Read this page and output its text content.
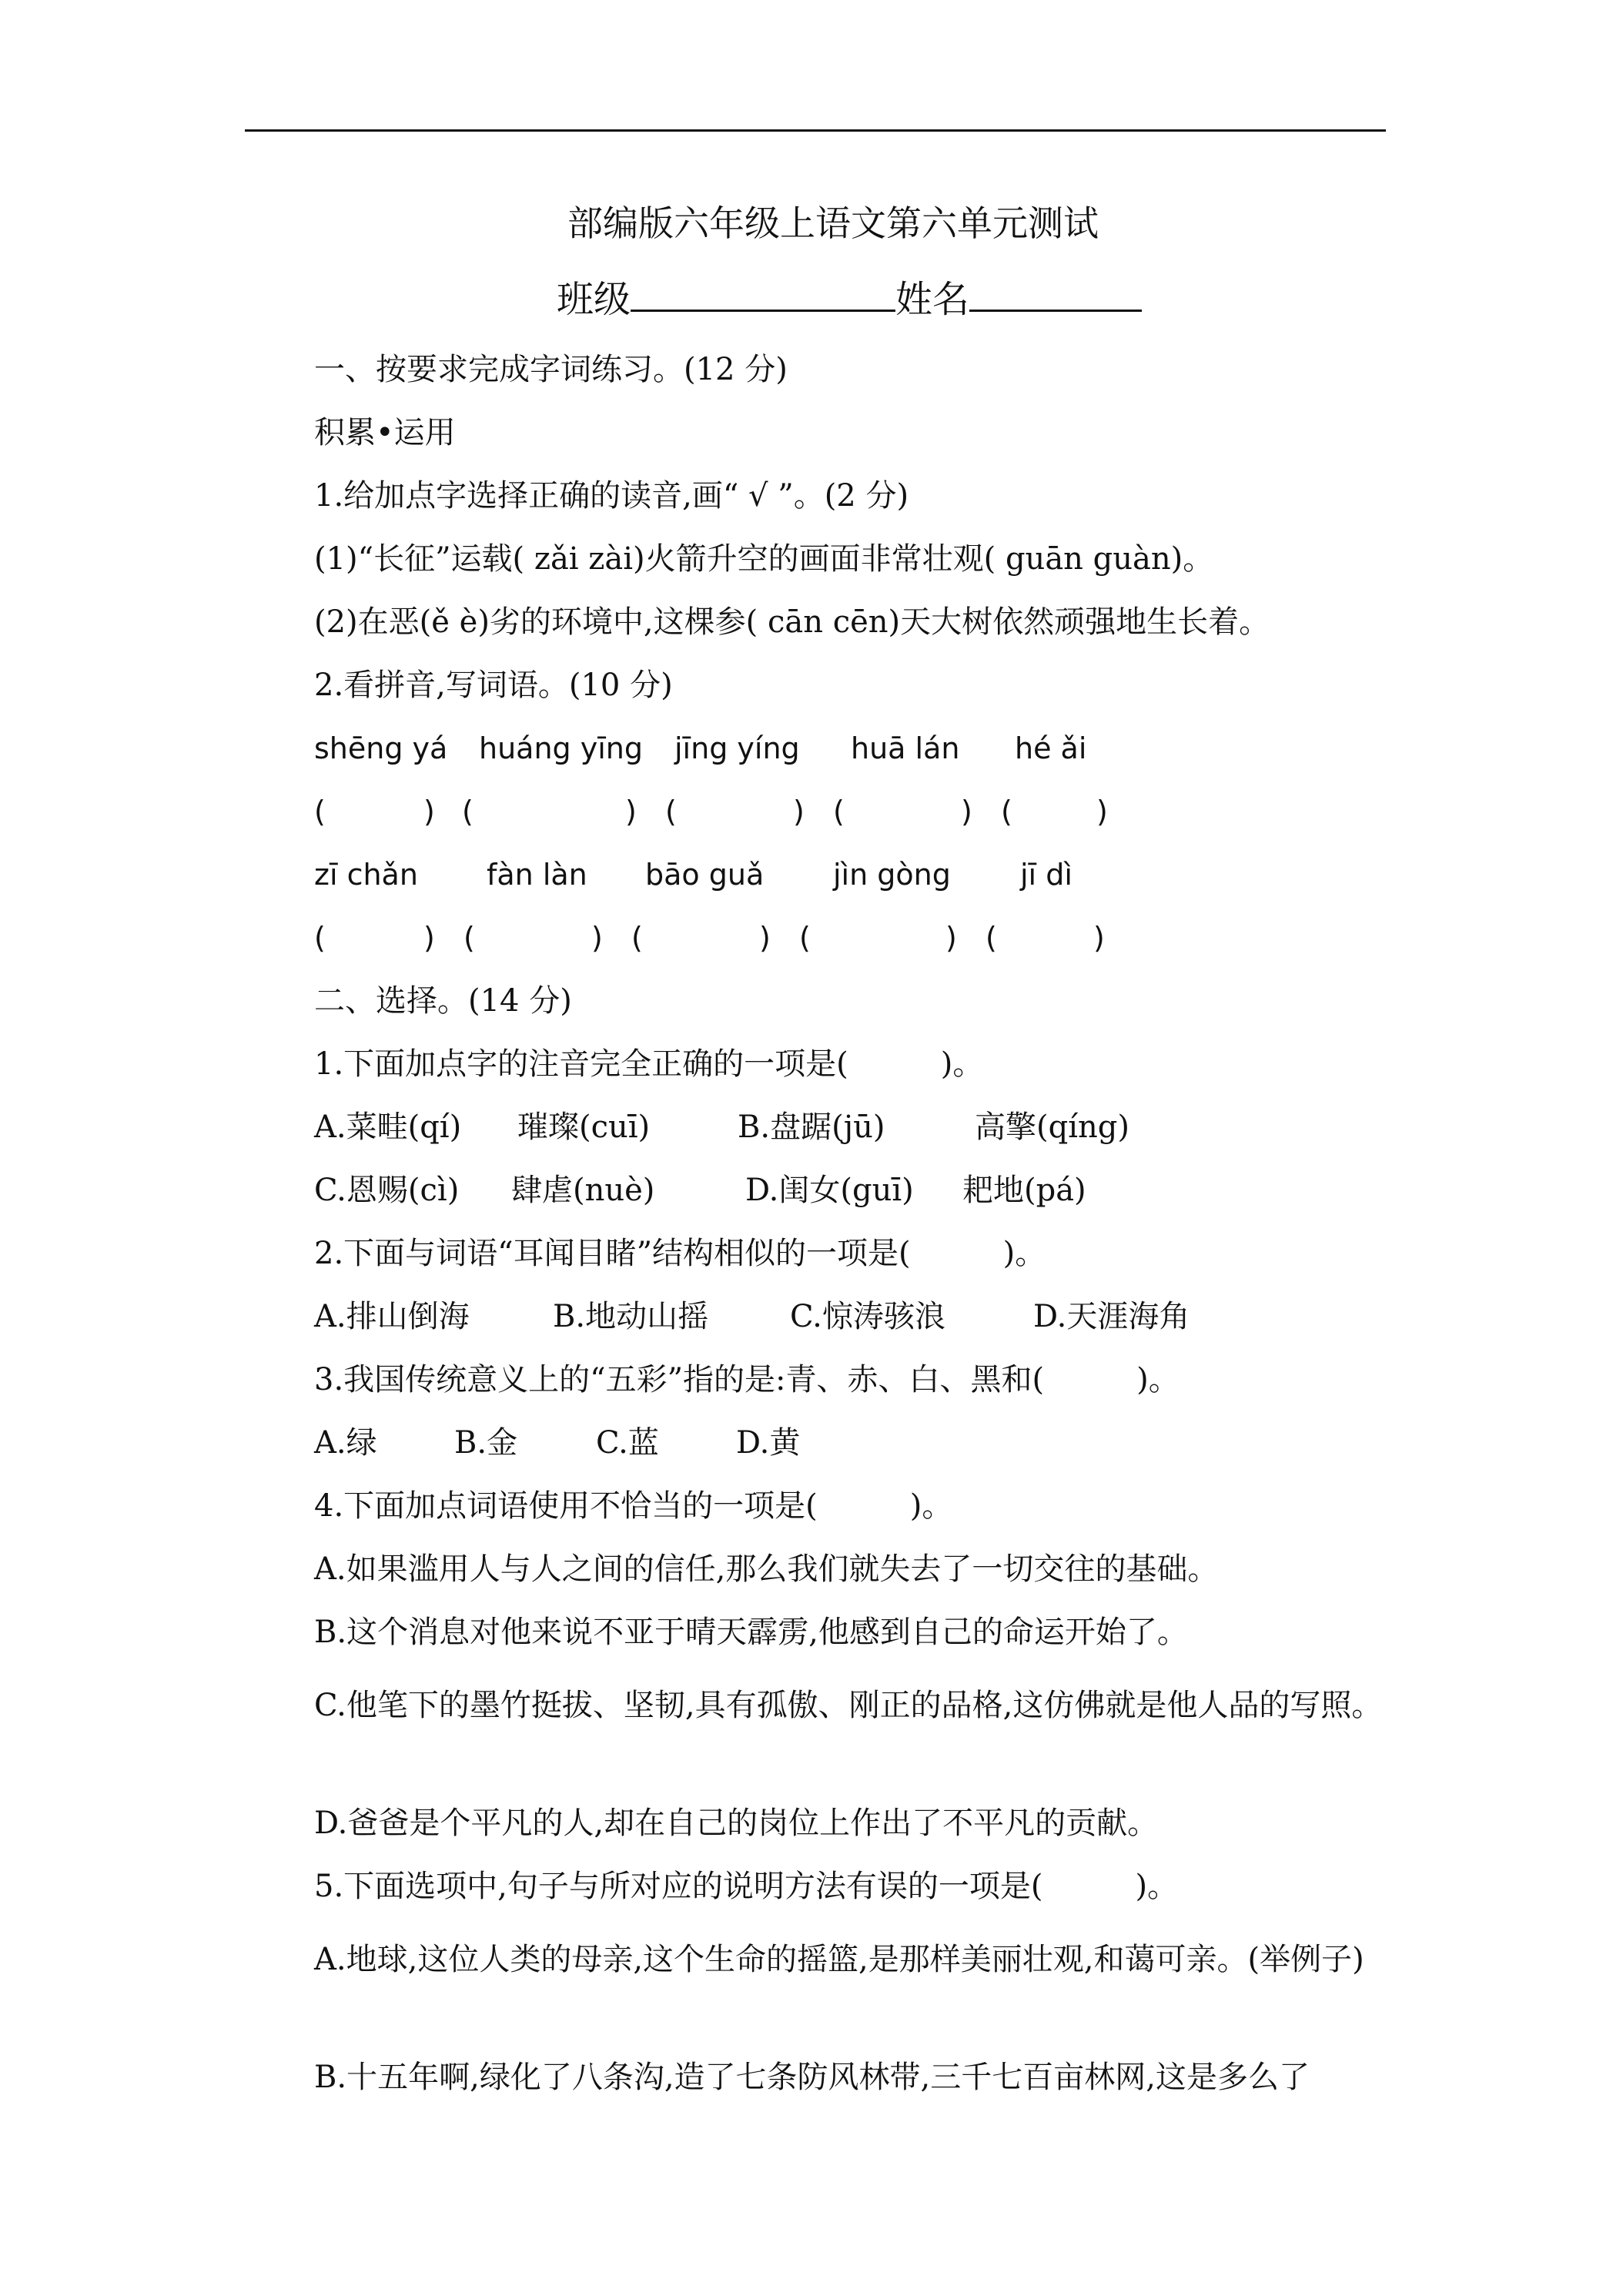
部编版六年级上语文第六单元测试
班级	姓名
一、按要求完成字词练习。(12 分)
积累•运用
1.给加点字选择正确的读音,画“ √ ”。(2 分)
(1)“长征”运载( zǎi zài)火箭升空的画面非常壮观( guān guàn)。
(2)在恶(ě è)劣的环境中,这棵参( cān cēn)天大树依然顽强地生长着。
2.看拼音,写词语。(10 分)
shēng yá huáng yīng jīng yíng huā lán hé ǎi
(	) (	) (	) (	) (	)
zī chǎn fàn làn bāo guǎ jìn gòng jī dì
(	) (	) (	) (	) (	)
二、选择。(14 分)
1.下面加点字的注音完全正确的一项是(　　　)。
A.菜畦(qí) 璀璨(cuī)	B.盘踞(jū)	高擎(qíng)
C.恩赐(cì) 肆虐(nuè)	D.闺女(guī) 耙地(pá)
2.下面与词语“耳闻目睹”结构相似的一项是(　　　)。
A.排山倒海	B.地动山摇	C.惊涛骇浪	D.天涯海角
3.我国传统意义上的“五彩”指的是:青、赤、白、黑和(　　　)。
A.绿	B.金	C.蓝	D.黄
4.下面加点词语使用不恰当的一项是(　　　)。
A.如果滥用人与人之间的信任,那么我们就失去了一切交往的基础。
B.这个消息对他来说不亚于晴天霹雳,他感到自己的命运开始了。
C.他笔下的墨竹挺拔、坚韧,具有孤傲、刚正的品格,这仿佛就是他人品的写照。
D.爸爸是个平凡的人,却在自己的岗位上作出了不平凡的贡献。
5.下面选项中,句子与所对应的说明方法有误的一项是(　　　)。
A.地球,这位人类的母亲,这个生命的摇篮,是那样美丽壮观,和蔼可亲。(举例子)
B.十五年啊,绿化了八条沟,造了七条防风林带,三千七百亩林网,这是多么了
